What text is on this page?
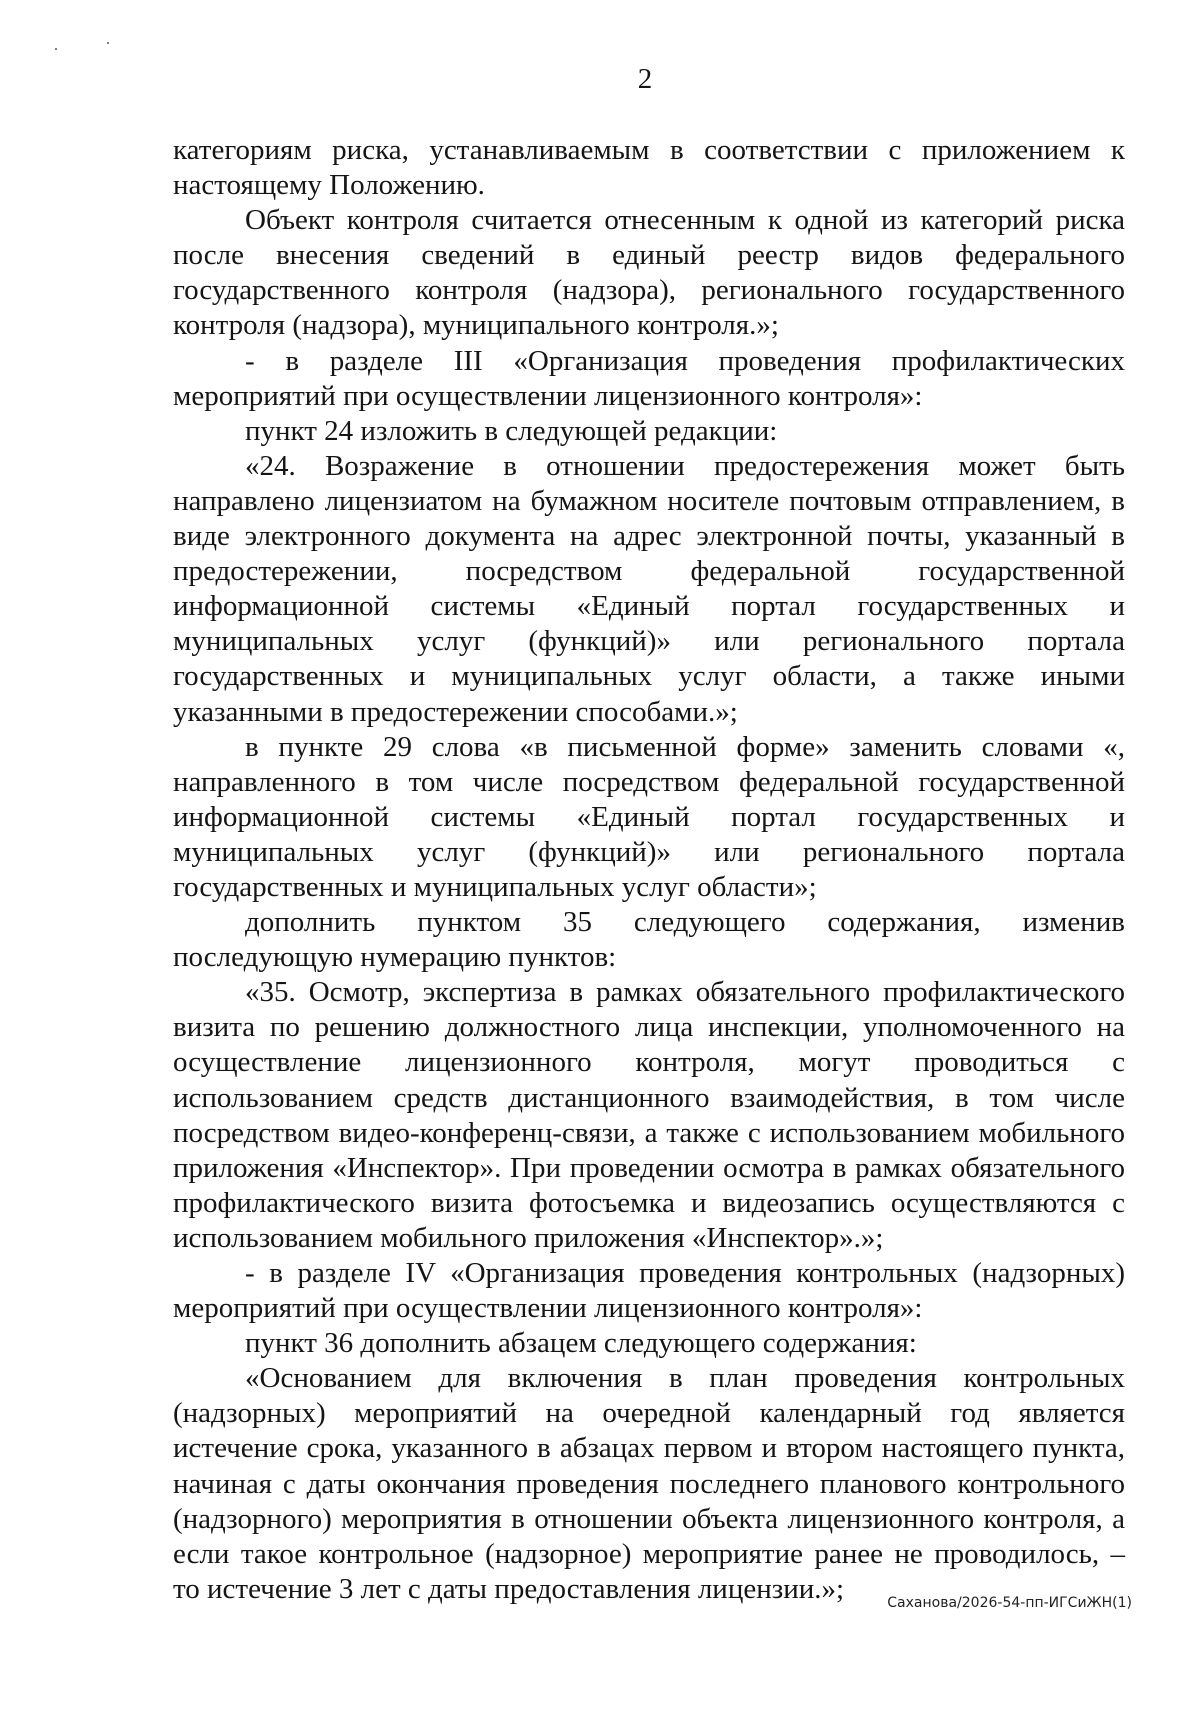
2

категориям риска, устанавливаемым в соответствии с приложением к настоящему Положению.

Объект контроля считается отнесенным к одной из категорий риска после внесения сведений в единый реестр видов федерального государственного контроля (надзора), регионального государственного контроля (надзора), муниципального контроля.»;

- в разделе III «Организация проведения профилактических мероприятий при осуществлении лицензионного контроля»:

пункт 24 изложить в следующей редакции:

«24. Возражение в отношении предостережения может быть направлено лицензиатом на бумажном носителе почтовым отправлением, в виде электронного документа на адрес электронной почты, указанный в предостережении, посредством федеральной государственной информационной системы «Единый портал государственных и муниципальных услуг (функций)» или регионального портала государственных и муниципальных услуг области, а также иными указанными в предостережении способами.»;

в пункте 29 слова «в письменной форме» заменить словами «, направленного в том числе посредством федеральной государственной информационной системы «Единый портал государственных и муниципальных услуг (функций)» или регионального портала государственных и муниципальных услуг области»;

дополнить пунктом 35 следующего содержания, изменив последующую нумерацию пунктов:

«35. Осмотр, экспертиза в рамках обязательного профилактического визита по решению должностного лица инспекции, уполномоченного на осуществление лицензионного контроля, могут проводиться с использованием средств дистанционного взаимодействия, в том числе посредством видео-конференц-связи, а также с использованием мобильного приложения «Инспектор». При проведении осмотра в рамках обязательного профилактического визита фотосъемка и видеозапись осуществляются с использованием мобильного приложения «Инспектор».»;

- в разделе IV «Организация проведения контрольных (надзорных) мероприятий при осуществлении лицензионного контроля»:

пункт 36 дополнить абзацем следующего содержания:

«Основанием для включения в план проведения контрольных (надзорных) мероприятий на очередной календарный год является истечение срока, указанного в абзацах первом и втором настоящего пункта, начиная с даты окончания проведения последнего планового контрольного (надзорного) мероприятия в отношении объекта лицензионного контроля, а если такое контрольное (надзорное) мероприятие ранее не проводилось, – то истечение 3 лет с даты предоставления лицензии.»;	Саханова/2026-54-пп-ИГСиЖН(1)
